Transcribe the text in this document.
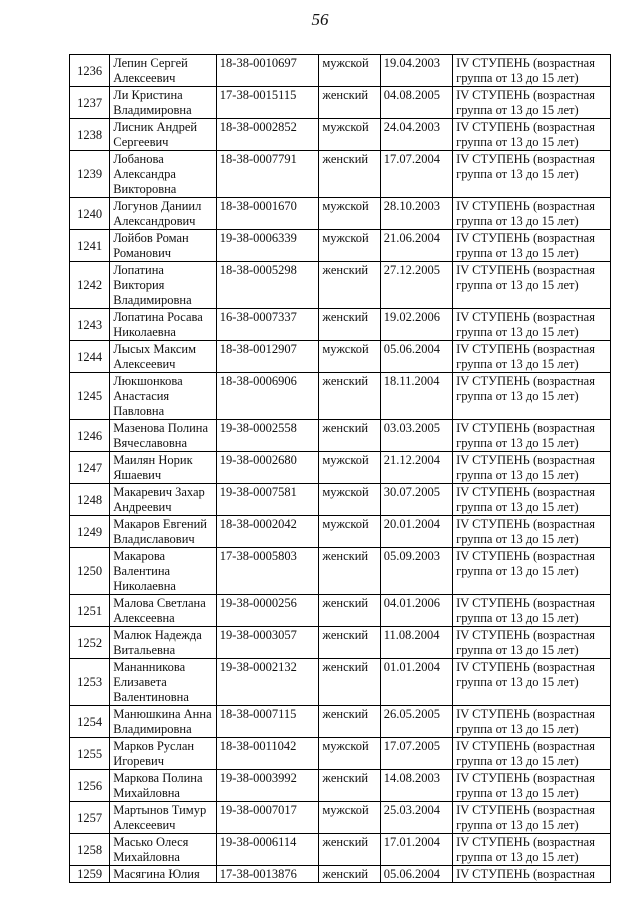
56
1236	Лепин Сергей Алексеевич	18-38-0010697	мужской	19.04.2003	IV СТУПЕНЬ (возрастная группа от 13 до 15 лет)
1237	Ли Кристина Владимировна	17-38-0015115	женский	04.08.2005	IV СТУПЕНЬ (возрастная группа от 13 до 15 лет)
1238	Лисник Андрей Сергеевич	18-38-0002852	мужской	24.04.2003	IV СТУПЕНЬ (возрастная группа от 13 до 15 лет)
1239	Лобанова Александра Викторовна	18-38-0007791	женский	17.07.2004	IV СТУПЕНЬ (возрастная группа от 13 до 15 лет)
1240	Логунов Даниил Александрович	18-38-0001670	мужской	28.10.2003	IV СТУПЕНЬ (возрастная группа от 13 до 15 лет)
1241	Лойбов Роман Романович	19-38-0006339	мужской	21.06.2004	IV СТУПЕНЬ (возрастная группа от 13 до 15 лет)
1242	Лопатина Виктория Владимировна	18-38-0005298	женский	27.12.2005	IV СТУПЕНЬ (возрастная группа от 13 до 15 лет)
1243	Лопатина Росава Николаевна	16-38-0007337	женский	19.02.2006	IV СТУПЕНЬ (возрастная группа от 13 до 15 лет)
1244	Лысых Максим Алексеевич	18-38-0012907	мужской	05.06.2004	IV СТУПЕНЬ (возрастная группа от 13 до 15 лет)
1245	Люкшонкова Анастасия Павловна	18-38-0006906	женский	18.11.2004	IV СТУПЕНЬ (возрастная группа от 13 до 15 лет)
1246	Мазенова Полина Вячеславовна	19-38-0002558	женский	03.03.2005	IV СТУПЕНЬ (возрастная группа от 13 до 15 лет)
1247	Маилян Норик Яшаевич	19-38-0002680	мужской	21.12.2004	IV СТУПЕНЬ (возрастная группа от 13 до 15 лет)
1248	Макаревич Захар Андреевич	19-38-0007581	мужской	30.07.2005	IV СТУПЕНЬ (возрастная группа от 13 до 15 лет)
1249	Макаров Евгений Владиславович	18-38-0002042	мужской	20.01.2004	IV СТУПЕНЬ (возрастная группа от 13 до 15 лет)
1250	Макарова Валентина Николаевна	17-38-0005803	женский	05.09.2003	IV СТУПЕНЬ (возрастная группа от 13 до 15 лет)
1251	Малова Светлана Алексеевна	19-38-0000256	женский	04.01.2006	IV СТУПЕНЬ (возрастная группа от 13 до 15 лет)
1252	Малюк Надежда Витальевна	19-38-0003057	женский	11.08.2004	IV СТУПЕНЬ (возрастная группа от 13 до 15 лет)
1253	Мананникова Елизавета Валентиновна	19-38-0002132	женский	01.01.2004	IV СТУПЕНЬ (возрастная группа от 13 до 15 лет)
1254	Манюшкина Анна Владимировна	18-38-0007115	женский	26.05.2005	IV СТУПЕНЬ (возрастная группа от 13 до 15 лет)
1255	Марков Руслан Игоревич	18-38-0011042	мужской	17.07.2005	IV СТУПЕНЬ (возрастная группа от 13 до 15 лет)
1256	Маркова Полина Михайловна	19-38-0003992	женский	14.08.2003	IV СТУПЕНЬ (возрастная группа от 13 до 15 лет)
1257	Мартынов Тимур Алексеевич	19-38-0007017	мужской	25.03.2004	IV СТУПЕНЬ (возрастная группа от 13 до 15 лет)
1258	Масько Олеся Михайловна	19-38-0006114	женский	17.01.2004	IV СТУПЕНЬ (возрастная группа от 13 до 15 лет)
1259	Масягина Юлия	17-38-0013876	женский	05.06.2004	IV СТУПЕНЬ (возрастная
